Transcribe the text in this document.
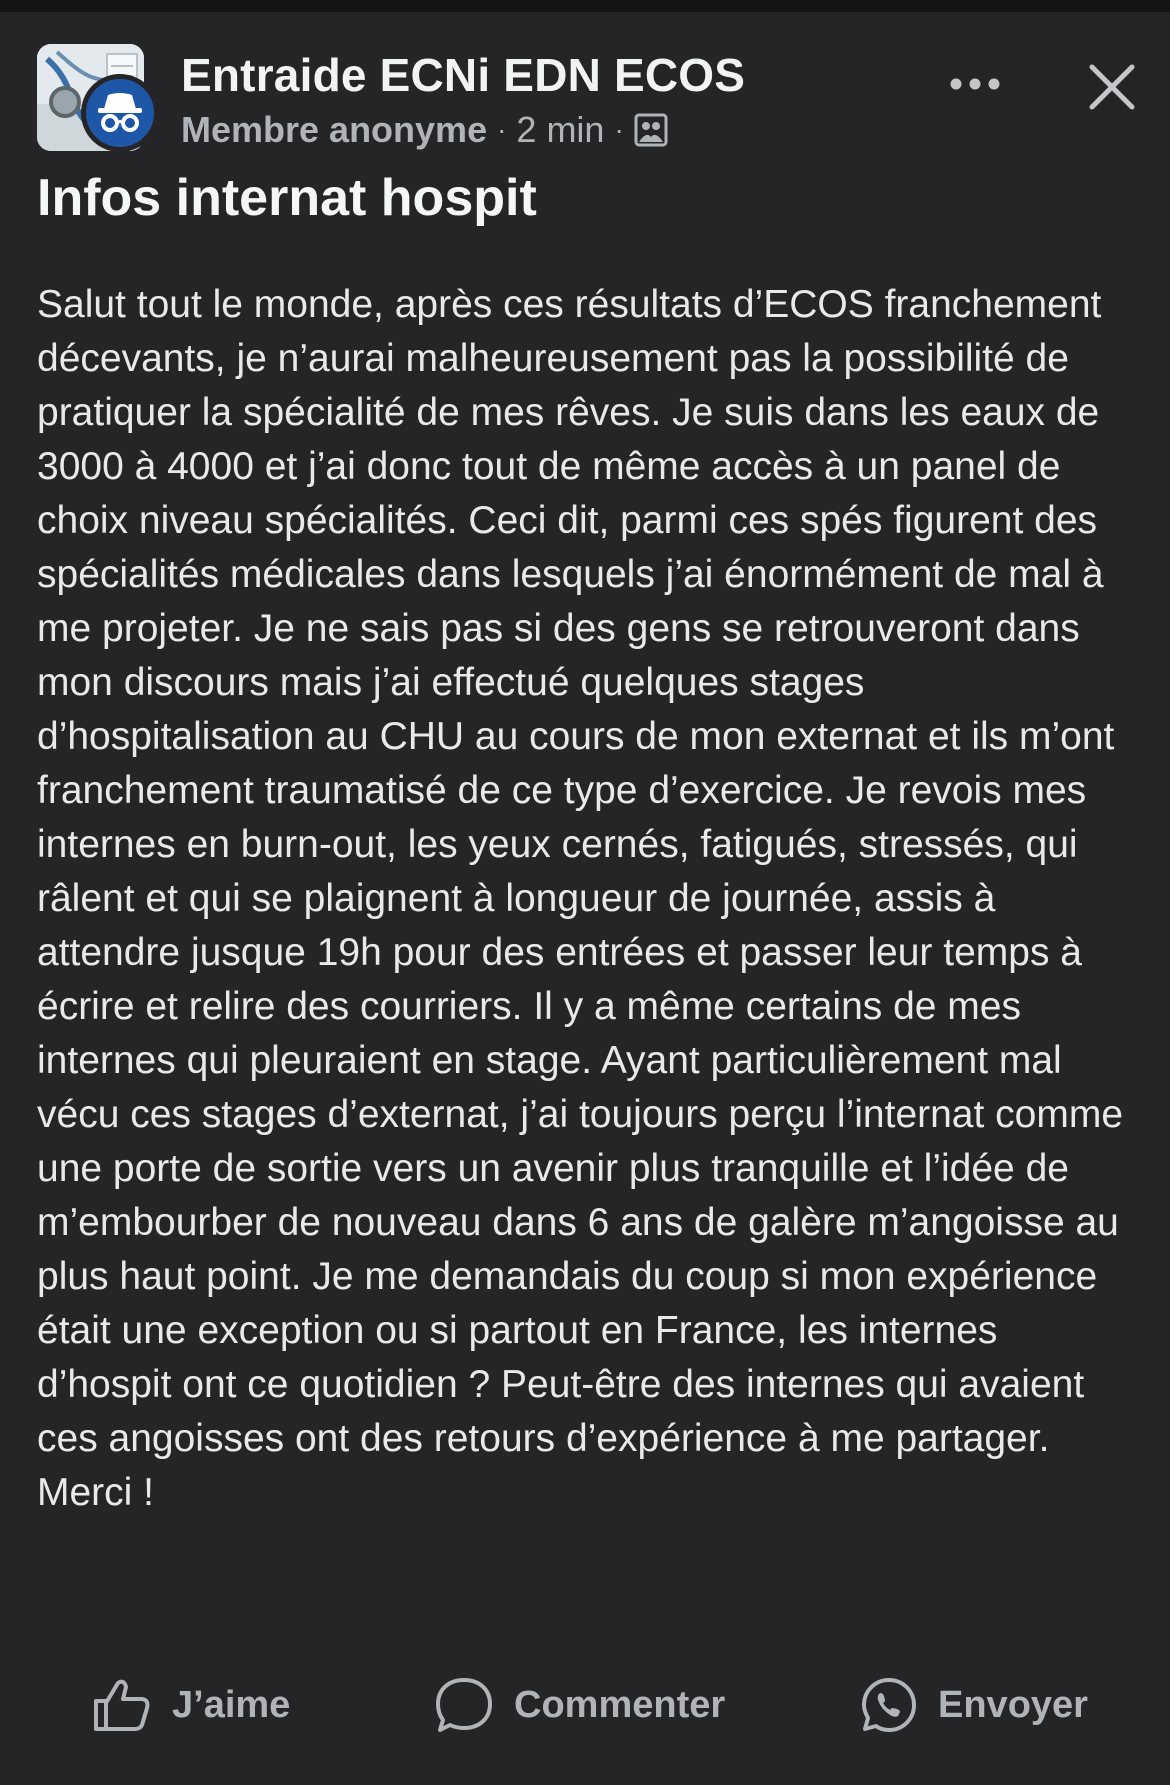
Entraide ECNi EDN ECOS
Membre anonyme · 2 min ·
Infos internat hospit

Salut tout le monde, après ces résultats d’ECOS franchement décevants, je n’aurai malheureusement pas la possibilité de pratiquer la spécialité de mes rêves. Je suis dans les eaux de 3000 à 4000 et j’ai donc tout de même accès à un panel de choix niveau spécialités. Ceci dit, parmi ces spés figurent des spécialités médicales dans lesquels j’ai énormément de mal à me projeter. Je ne sais pas si des gens se retrouveront dans mon discours mais j’ai effectué quelques stages d’hospitalisation au CHU au cours de mon externat et ils m’ont franchement traumatisé de ce type d’exercice. Je revois mes internes en burn-out, les yeux cernés, fatigués, stressés, qui râlent et qui se plaignent à longueur de journée, assis à attendre jusque 19h pour des entrées et passer leur temps à écrire et relire des courriers. Il y a même certains de mes internes qui pleuraient en stage. Ayant particulièrement mal vécu ces stages d’externat, j’ai toujours perçu l’internat comme une porte de sortie vers un avenir plus tranquille et l’idée de m’embourber de nouveau dans 6 ans de galère m’angoisse au plus haut point. Je me demandais du coup si mon expérience était une exception ou si partout en France, les internes d’hospit ont ce quotidien ? Peut-être des internes qui avaient ces angoisses ont des retours d’expérience à me partager. Merci !

J’aime	Commenter	Envoyer
